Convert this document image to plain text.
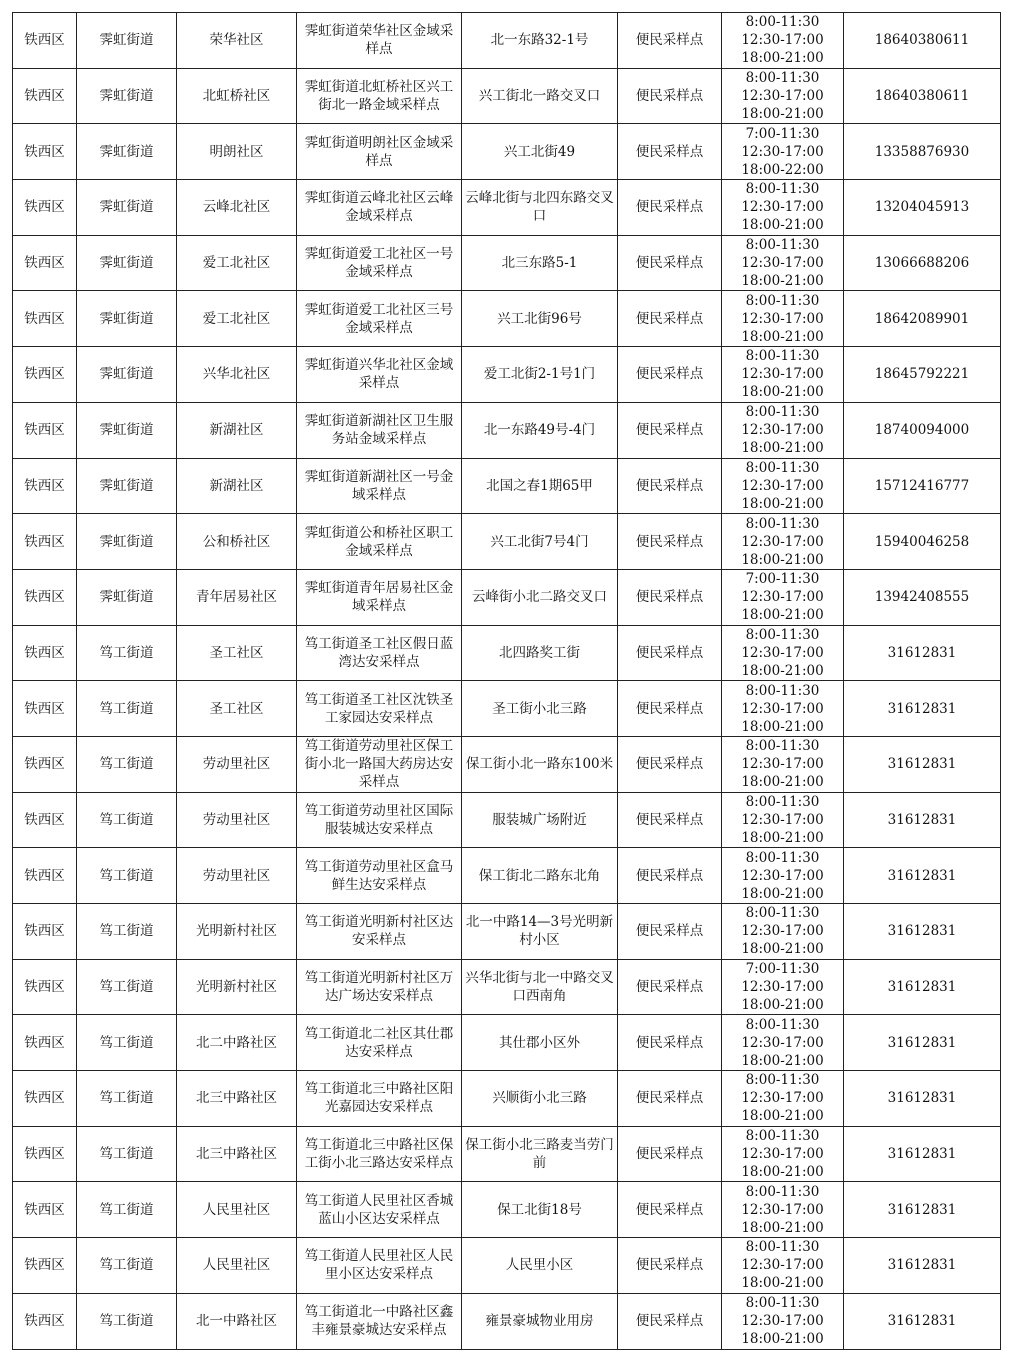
铁西区	霁虹街道	荣华社区	霁虹街道荣华社区金域采样点	北一东路32-1号	便民采样点	8:00-11:30
12:30-17:00
18:00-21:00	18640380611
铁西区	霁虹街道	北虹桥社区	霁虹街道北虹桥社区兴工街北一路金域采样点	兴工街北一路交叉口	便民采样点	8:00-11:30
12:30-17:00
18:00-21:00	18640380611
铁西区	霁虹街道	明朗社区	霁虹街道明朗社区金域采样点	兴工北街49	便民采样点	7:00-11:30
12:30-17:00
18:00-22:00	13358876930
铁西区	霁虹街道	云峰北社区	霁虹街道云峰北社区云峰金域采样点	云峰北街与北四东路交叉口	便民采样点	8:00-11:30
12:30-17:00
18:00-21:00	13204045913
铁西区	霁虹街道	爱工北社区	霁虹街道爱工北社区一号金域采样点	北三东路5-1	便民采样点	8:00-11:30
12:30-17:00
18:00-21:00	13066688206
铁西区	霁虹街道	爱工北社区	霁虹街道爱工北社区三号金域采样点	兴工北街96号	便民采样点	8:00-11:30
12:30-17:00
18:00-21:00	18642089901
铁西区	霁虹街道	兴华北社区	霁虹街道兴华北社区金域采样点	爱工北街2-1号1门	便民采样点	8:00-11:30
12:30-17:00
18:00-21:00	18645792221
铁西区	霁虹街道	新湖社区	霁虹街道新湖社区卫生服务站金域采样点	北一东路49号-4门	便民采样点	8:00-11:30
12:30-17:00
18:00-21:00	18740094000
铁西区	霁虹街道	新湖社区	霁虹街道新湖社区一号金域采样点	北国之春1期65甲	便民采样点	8:00-11:30
12:30-17:00
18:00-21:00	15712416777
铁西区	霁虹街道	公和桥社区	霁虹街道公和桥社区职工金域采样点	兴工北街7号4门	便民采样点	8:00-11:30
12:30-17:00
18:00-21:00	15940046258
铁西区	霁虹街道	青年居易社区	霁虹街道青年居易社区金域采样点	云峰街小北二路交叉口	便民采样点	7:00-11:30
12:30-17:00
18:00-21:00	13942408555
铁西区	笃工街道	圣工社区	笃工街道圣工社区假日蓝湾达安采样点	北四路奖工街	便民采样点	8:00-11:30
12:30-17:00
18:00-21:00	31612831
铁西区	笃工街道	圣工社区	笃工街道圣工社区沈铁圣工家园达安采样点	圣工街小北三路	便民采样点	8:00-11:30
12:30-17:00
18:00-21:00	31612831
铁西区	笃工街道	劳动里社区	笃工街道劳动里社区保工街小北一路国大药房达安采样点	保工街小北一路东100米	便民采样点	8:00-11:30
12:30-17:00
18:00-21:00	31612831
铁西区	笃工街道	劳动里社区	笃工街道劳动里社区国际服装城达安采样点	服装城广场附近	便民采样点	8:00-11:30
12:30-17:00
18:00-21:00	31612831
铁西区	笃工街道	劳动里社区	笃工街道劳动里社区盒马鲜生达安采样点	保工街北二路东北角	便民采样点	8:00-11:30
12:30-17:00
18:00-21:00	31612831
铁西区	笃工街道	光明新村社区	笃工街道光明新村社区达安采样点	北一中路14—3号光明新村小区	便民采样点	8:00-11:30
12:30-17:00
18:00-21:00	31612831
铁西区	笃工街道	光明新村社区	笃工街道光明新村社区万达广场达安采样点	兴华北街与北一中路交叉口西南角	便民采样点	7:00-11:30
12:30-17:00
18:00-21:00	31612831
铁西区	笃工街道	北二中路社区	笃工街道北二社区其仕郡达安采样点	其仕郡小区外	便民采样点	8:00-11:30
12:30-17:00
18:00-21:00	31612831
铁西区	笃工街道	北三中路社区	笃工街道北三中路社区阳光嘉园达安采样点	兴顺街小北三路	便民采样点	8:00-11:30
12:30-17:00
18:00-21:00	31612831
铁西区	笃工街道	北三中路社区	笃工街道北三中路社区保工街小北三路达安采样点	保工街小北三路麦当劳门前	便民采样点	8:00-11:30
12:30-17:00
18:00-21:00	31612831
铁西区	笃工街道	人民里社区	笃工街道人民里社区香城蓝山小区达安采样点	保工北街18号	便民采样点	8:00-11:30
12:30-17:00
18:00-21:00	31612831
铁西区	笃工街道	人民里社区	笃工街道人民里社区人民里小区达安采样点	人民里小区	便民采样点	8:00-11:30
12:30-17:00
18:00-21:00	31612831
铁西区	笃工街道	北一中路社区	笃工街道北一中路社区鑫丰雍景豪城达安采样点	雍景豪城物业用房	便民采样点	8:00-11:30
12:30-17:00
18:00-21:00	31612831
